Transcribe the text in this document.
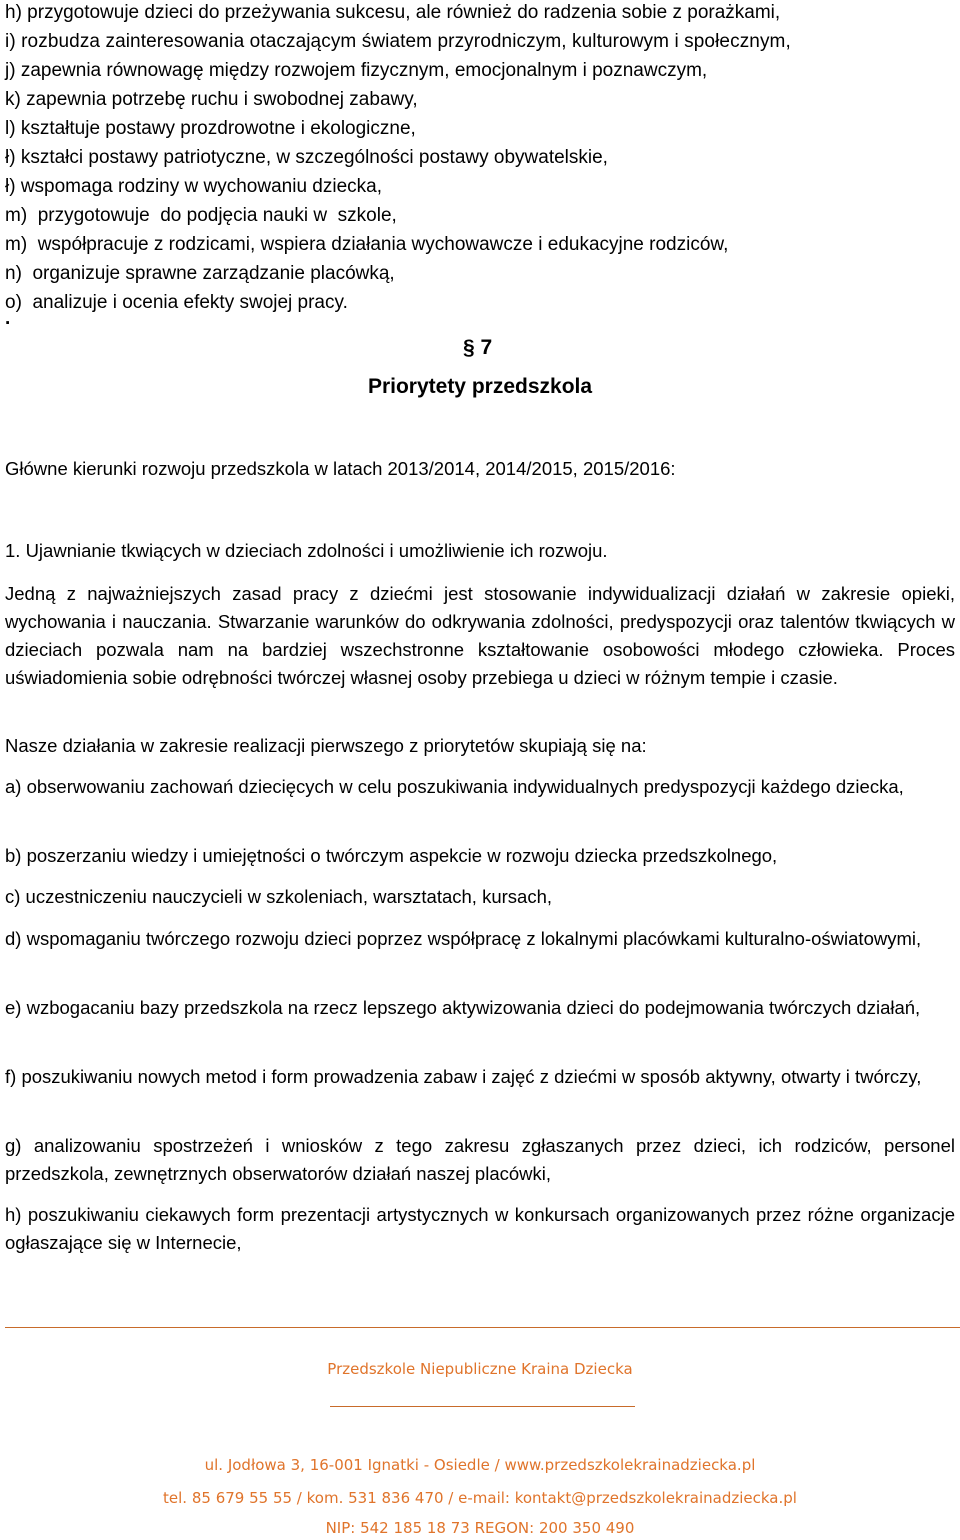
h) przygotowuje dzieci do przeżywania sukcesu, ale również do radzenia sobie z porażkami,
i) rozbudza zainteresowania otaczającym światem przyrodniczym, kulturowym i społecznym,
j) zapewnia równowagę między rozwojem fizycznym, emocjonalnym i poznawczym,
k) zapewnia potrzebę ruchu i swobodnej zabawy,
l) kształtuje postawy prozdrowotne i ekologiczne,
ł) kształci postawy patriotyczne, w szczególności postawy obywatelskie,
ł) wspomaga rodziny w wychowaniu dziecka,
m)  przygotowuje  do podjęcia nauki w  szkole,
m)  współpracuje z rodzicami, wspiera działania wychowawcze i edukacyjne rodziców,
n)  organizuje sprawne zarządzanie placówką,
o)  analizuje i ocenia efekty swojej pracy.
.
§ 7
Priorytety przedszkola
Główne kierunki rozwoju przedszkola w latach 2013/2014, 2014/2015, 2015/2016:
1. Ujawnianie tkwiących w dzieciach zdolności i umożliwienie ich rozwoju.
Jedną z najważniejszych zasad pracy z dziećmi jest stosowanie indywidualizacji działań w zakresie opieki, wychowania i nauczania. Stwarzanie warunków do odkrywania zdolności, predyspozycji oraz talentów tkwiących w dzieciach pozwala nam na bardziej wszechstronne kształtowanie osobowości młodego człowieka. Proces uświadomienia sobie odrębności twórczej własnej osoby przebiega u dzieci w różnym tempie i czasie.
Nasze działania w zakresie realizacji pierwszego z priorytetów skupiają się na:
a) obserwowaniu zachowań dziecięcych w celu poszukiwania indywidualnych predyspozycji każdego dziecka,
b) poszerzaniu wiedzy i umiejętności o twórczym aspekcie w rozwoju dziecka przedszkolnego,
c) uczestniczeniu nauczycieli w szkoleniach, warsztatach, kursach,
d) wspomaganiu twórczego rozwoju dzieci poprzez współpracę z lokalnymi placówkami kulturalno-oświatowymi,
e) wzbogacaniu bazy przedszkola na rzecz lepszego aktywizowania dzieci do podejmowania twórczych działań,
f) poszukiwaniu nowych metod i form prowadzenia zabaw i zajęć z dziećmi w sposób aktywny, otwarty i twórczy,
g) analizowaniu spostrzeżeń i wniosków z tego zakresu zgłaszanych przez dzieci, ich rodziców, personel przedszkola, zewnętrznych obserwatorów działań naszej placówki,
h) poszukiwaniu ciekawych form prezentacji artystycznych w konkursach organizowanych przez różne organizacje ogłaszające się w Internecie,
Przedszkole Niepubliczne Kraina Dziecka
ul. Jodłowa 3, 16-001 Ignatki - Osiedle / www.przedszkolekrainadziecka.pl
tel. 85 679 55 55 / kom. 531 836 470 / e-mail: kontakt@przedszkolekrainadziecka.pl
NIP: 542 185 18 73 REGON: 200 350 490
